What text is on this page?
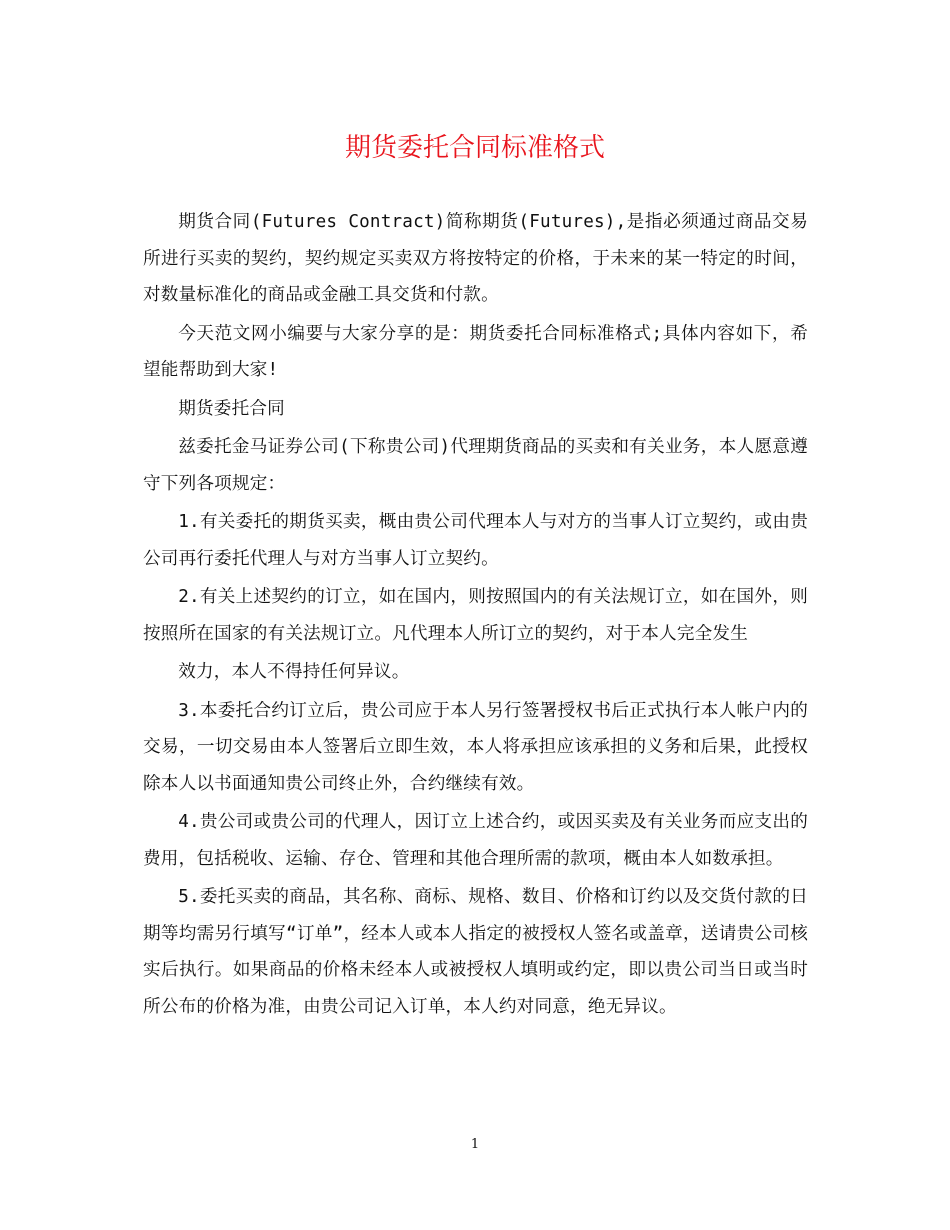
期货委托合同标准格式

期货合同(Futures Contract)简称期货(Futures),是指必须通过商品交易所进行买卖的契约，契约规定买卖双方将按特定的价格，于未来的某一特定的时间，对数量标准化的商品或金融工具交货和付款。

今天范文网小编要与大家分享的是：期货委托合同标准格式;具体内容如下，希望能帮助到大家!

期货委托合同

兹委托金马证券公司(下称贵公司)代理期货商品的买卖和有关业务，本人愿意遵守下列各项规定：

1.有关委托的期货买卖，概由贵公司代理本人与对方的当事人订立契约，或由贵公司再行委托代理人与对方当事人订立契约。

2.有关上述契约的订立，如在国内，则按照国内的有关法规订立，如在国外，则按照所在国家的有关法规订立。凡代理本人所订立的契约，对于本人完全发生

效力，本人不得持任何异议。

3.本委托合约订立后，贵公司应于本人另行签署授权书后正式执行本人帐户内的交易，一切交易由本人签署后立即生效，本人将承担应该承担的义务和后果，此授权除本人以书面通知贵公司终止外，合约继续有效。

4.贵公司或贵公司的代理人，因订立上述合约，或因买卖及有关业务而应支出的费用，包括税收、运输、存仓、管理和其他合理所需的款项，概由本人如数承担。

5.委托买卖的商品，其名称、商标、规格、数目、价格和订约以及交货付款的日期等均需另行填写“订单”，经本人或本人指定的被授权人签名或盖章，送请贵公司核实后执行。如果商品的价格未经本人或被授权人填明或约定，即以贵公司当日或当时所公布的价格为准，由贵公司记入订单，本人约对同意，绝无异议。

1
